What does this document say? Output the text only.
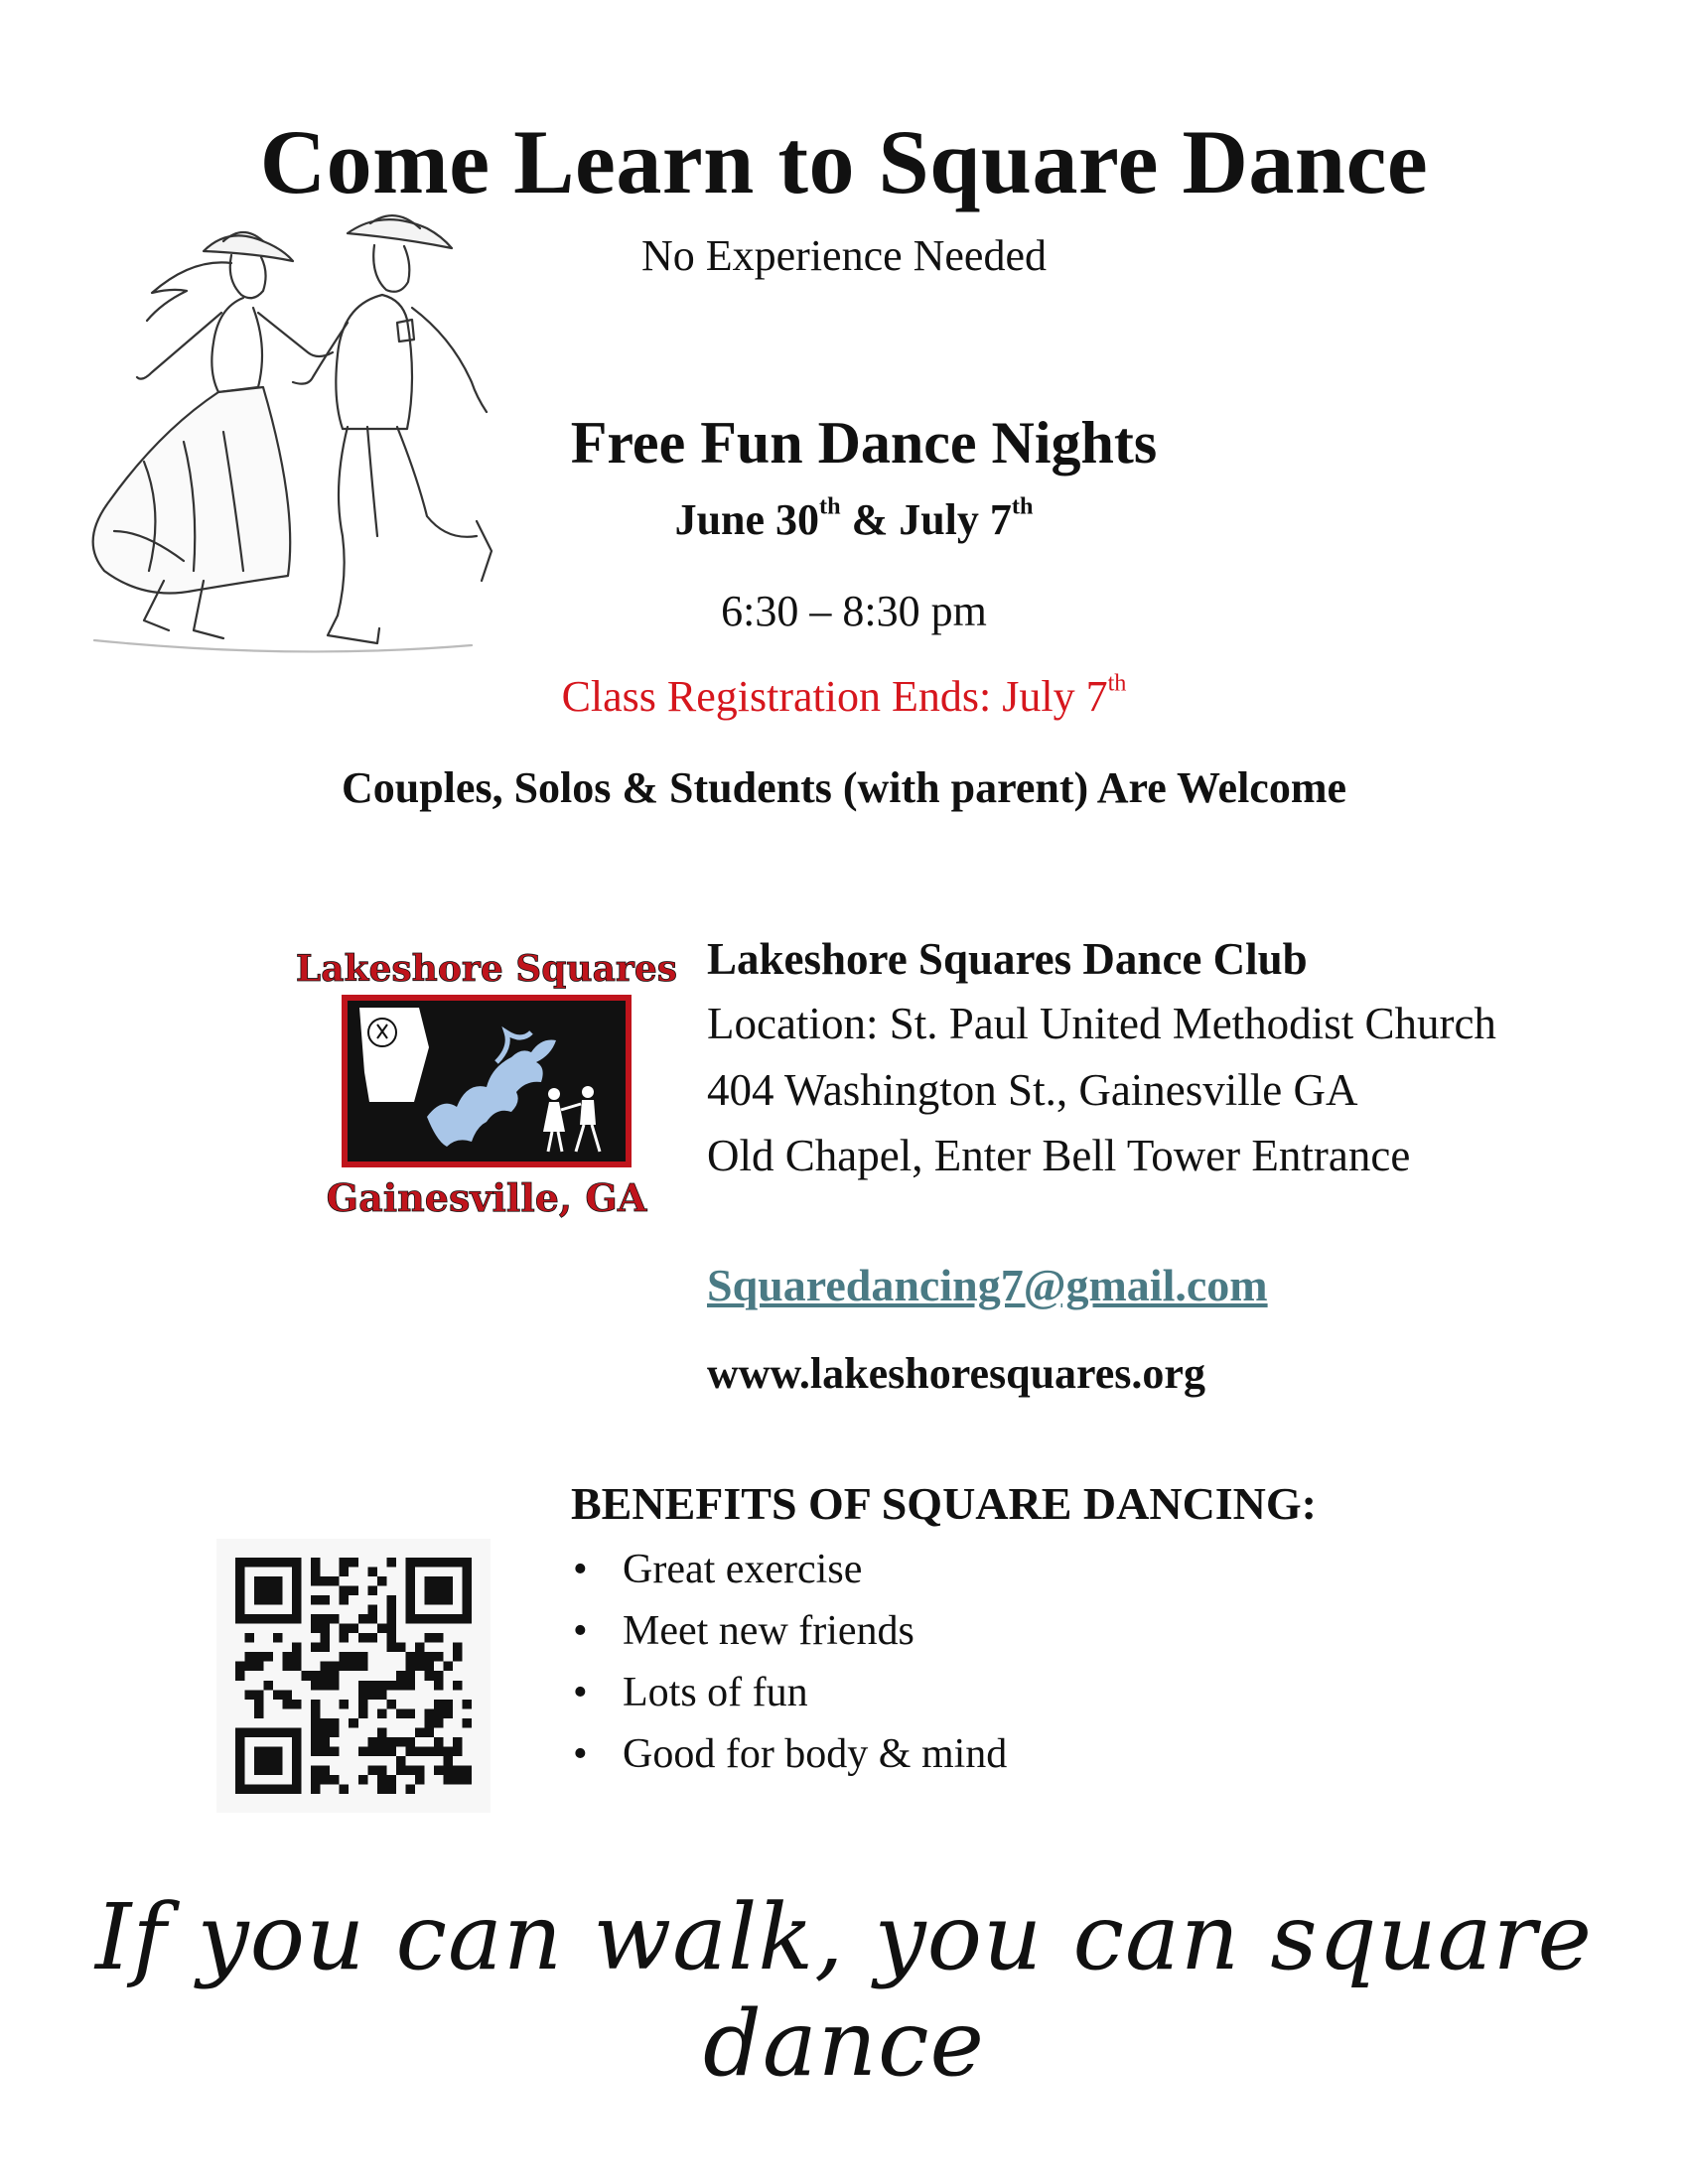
Come Learn to Square Dance
No Experience Needed
Free Fun Dance Nights
June 30th & July 7th
6:30 – 8:30 pm
Class Registration Ends: July 7th
Couples, Solos & Students (with parent) Are Welcome
Lakeshore Squares
Gainesville, GA
Lakeshore Squares Dance Club
Location: St. Paul United Methodist Church
404 Washington St., Gainesville GA
Old Chapel, Enter Bell Tower Entrance
Squaredancing7@gmail.com
www.lakeshoresquares.org
BENEFITS OF SQUARE DANCING:
• Great exercise
• Meet new friends
• Lots of fun
• Good for body & mind
If you can walk, you can square dance
